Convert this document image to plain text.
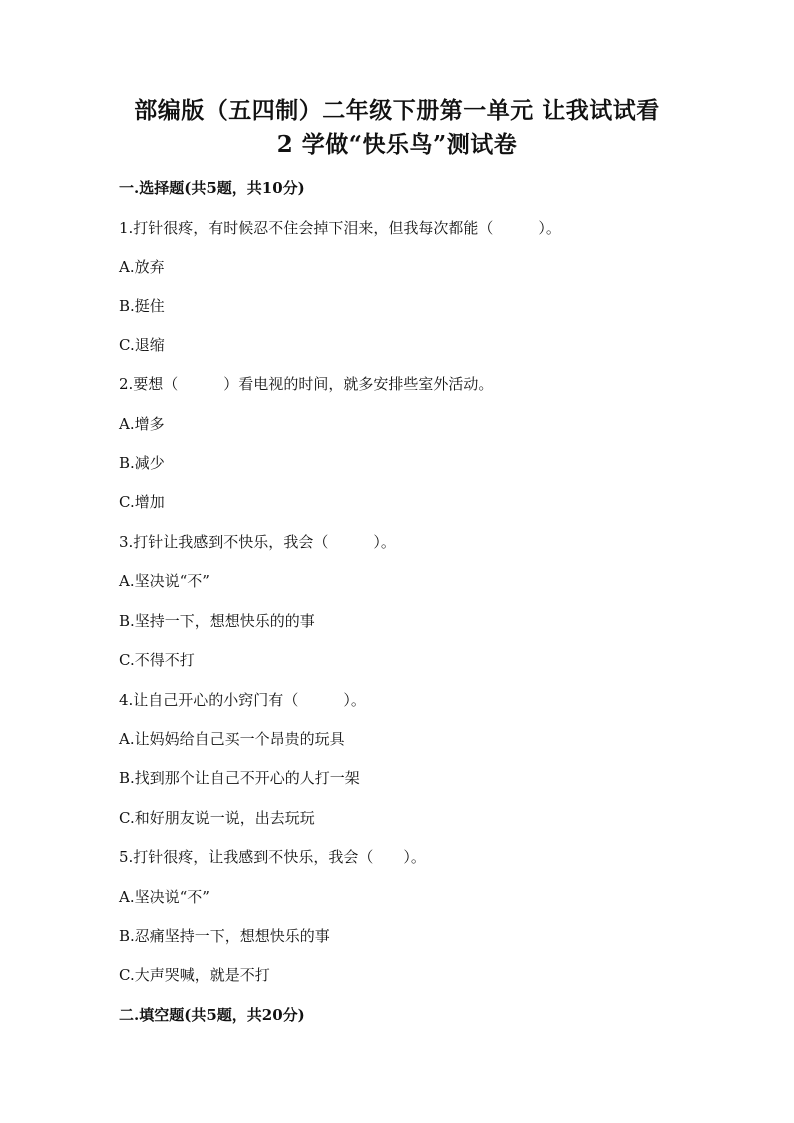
部编版（五四制）二年级下册第一单元 让我试试看
2 学做“快乐鸟”测试卷
一.选择题(共5题，共10分)
1.打针很疼，有时候忍不住会掉下泪来，但我每次都能（　　　）。
A.放弃
B.挺住
C.退缩
2.要想（　　　）看电视的时间，就多安排些室外活动。
A.增多
B.减少
C.增加
3.打针让我感到不快乐，我会（　　　）。
A.坚决说“不”
B.坚持一下，想想快乐的的事
C.不得不打
4.让自己开心的小窍门有（　　　）。
A.让妈妈给自己买一个昂贵的玩具
B.找到那个让自己不开心的人打一架
C.和好朋友说一说，出去玩玩
5.打针很疼，让我感到不快乐，我会（　　）。
A.坚决说“不”
B.忍痛坚持一下，想想快乐的事
C.大声哭喊，就是不打
二.填空题(共5题，共20分)
